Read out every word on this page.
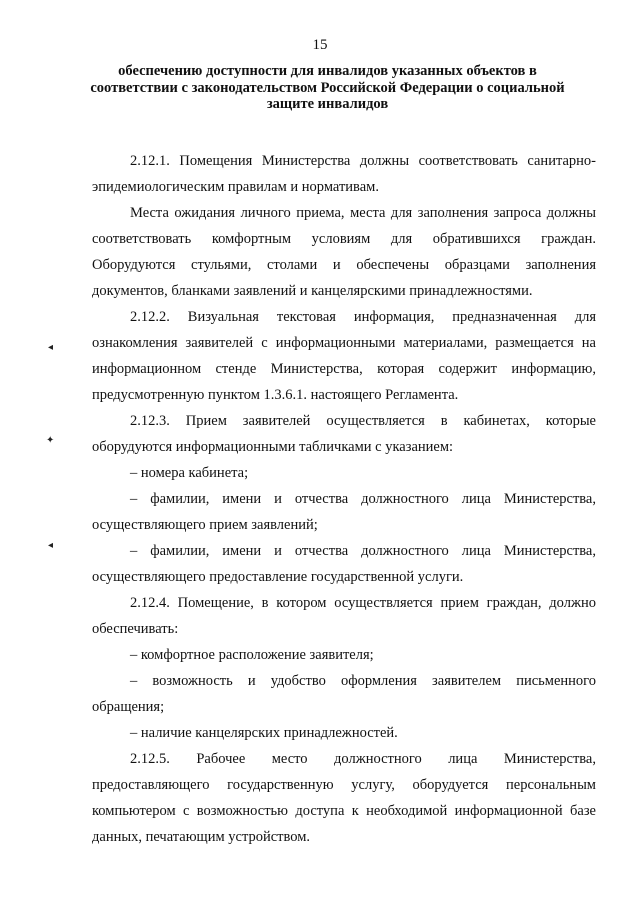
15
обеспечению доступности для инвалидов указанных объектов в соответствии с законодательством Российской Федерации о социальной защите инвалидов

2.12.1. Помещения Министерства должны соответствовать санитарно-эпидемиологическим правилам и нормативам.

Места ожидания личного приема, места для заполнения запроса должны соответствовать комфортным условиям для обратившихся граждан. Оборудуются стульями, столами и обеспечены образцами заполнения документов, бланками заявлений и канцелярскими принадлежностями.

2.12.2. Визуальная текстовая информация, предназначенная для ознакомления заявителей с информационными материалами, размещается на информационном стенде Министерства, которая содержит информацию, предусмотренную пунктом 1.3.6.1. настоящего Регламента.

2.12.3. Прием заявителей осуществляется в кабинетах, которые оборудуются информационными табличками с указанием:

– номера кабинета;

– фамилии, имени и отчества должностного лица Министерства, осуществляющего прием заявлений;

– фамилии, имени и отчества должностного лица Министерства, осуществляющего предоставление государственной услуги.

2.12.4. Помещение, в котором осуществляется прием граждан, должно обеспечивать:

– комфортное расположение заявителя;

– возможность и удобство оформления заявителем письменного обращения;

– наличие канцелярских принадлежностей.

2.12.5. Рабочее место должностного лица Министерства, предоставляющего государственную услугу, оборудуется персональным компьютером с возможностью доступа к необходимой информационной базе данных, печатающим устройством.

◂
✦
◂
